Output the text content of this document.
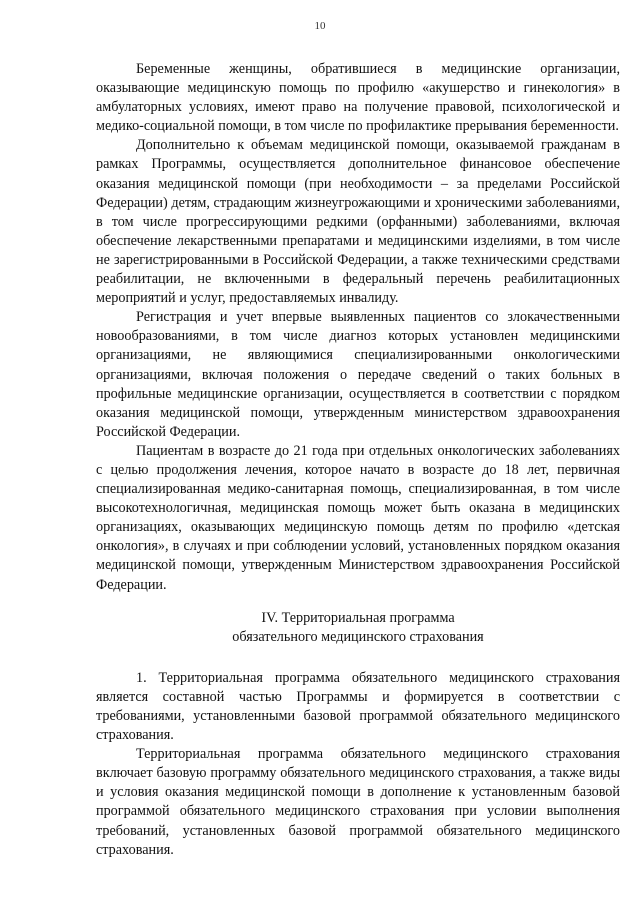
10

Беременные женщины, обратившиеся в медицинские организации, оказывающие медицинскую помощь по профилю «акушерство и гинекология» в амбулаторных условиях, имеют право на получение правовой, психологической и медико-социальной помощи, в том числе по профилактике прерывания беременности.

Дополнительно к объемам медицинской помощи, оказываемой гражданам в рамках Программы, осуществляется дополнительное финансовое обеспечение оказания медицинской помощи (при необходимости – за пределами Российской Федерации) детям, страдающим жизнеугрожающими и хроническими заболеваниями, в том числе прогрессирующими редкими (орфанными) заболеваниями, включая обеспечение лекарственными препаратами и медицинскими изделиями, в том числе не зарегистрированными в Российской Федерации, а также техническими средствами реабилитации, не включенными в федеральный перечень реабилитационных мероприятий и услуг, предоставляемых инвалиду.

Регистрация и учет впервые выявленных пациентов со злокачественными новообразованиями, в том числе диагноз которых установлен медицинскими организациями, не являющимися специализированными онкологическими организациями, включая положения о передаче сведений о таких больных в профильные медицинские организации, осуществляется в соответствии с порядком оказания медицинской помощи, утвержденным министерством здравоохранения Российской Федерации.

Пациентам в возрасте до 21 года при отдельных онкологических заболеваниях с целью продолжения лечения, которое начато в возрасте до 18 лет, первичная специализированная медико-санитарная помощь, специализированная, в том числе высокотехнологичная, медицинская помощь может быть оказана в медицинских организациях, оказывающих медицинскую помощь детям по профилю «детская онкология», в случаях и при соблюдении условий, установленных порядком оказания медицинской помощи, утвержденным Министерством здравоохранения Российской Федерации.

IV. Территориальная программа
обязательного медицинского страхования

1. Территориальная программа обязательного медицинского страхования является составной частью Программы и формируется в соответствии с требованиями, установленными базовой программой обязательного медицинского страхования.

Территориальная программа обязательного медицинского страхования включает базовую программу обязательного медицинского страхования, а также виды и условия оказания медицинской помощи в дополнение к установленным базовой программой обязательного медицинского страхования при условии выполнения требований, установленных базовой программой обязательного медицинского страхования.
